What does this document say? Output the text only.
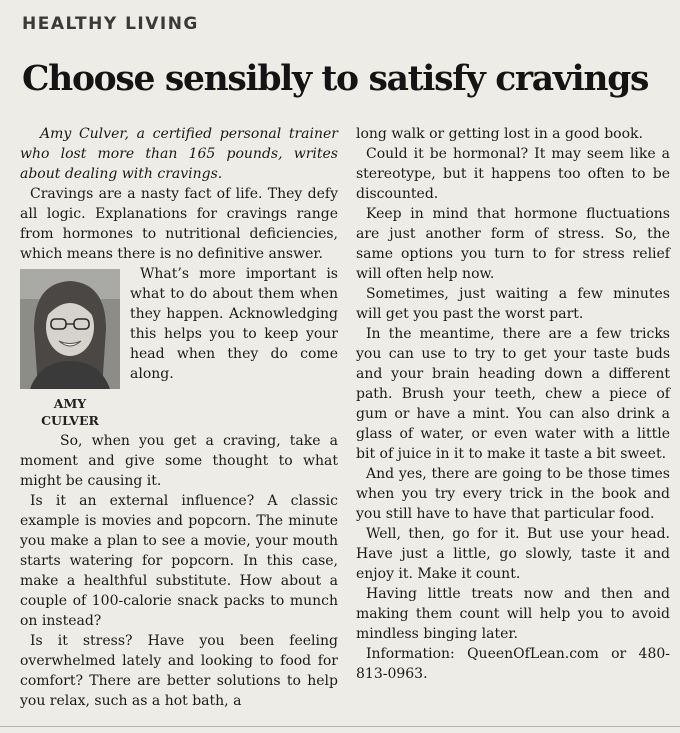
HEALTHY LIVING
Choose sensibly to satisfy cravings

Amy Culver, a certified personal trainer who lost more than 165 pounds, writes about dealing with cravings.

Cravings are a nasty fact of life. They defy all logic. Explanations for cravings range from hormones to nutritional deficiencies, which means there is no definitive answer.

AMY
CULVER

What’s more important is what to do about them when they happen. Acknowledging this helps you to keep your head when they do come along.

So, when you get a craving, take a moment and give some thought to what might be causing it.

Is it an external influence? A classic example is movies and popcorn. The minute you make a plan to see a movie, your mouth starts watering for popcorn. In this case, make a healthful substitute. How about a couple of 100-calorie snack packs to munch on instead?

Is it stress? Have you been feeling overwhelmed lately and looking to food for comfort? There are better solutions to help you relax, such as a hot bath, a

long walk or getting lost in a good book.

Could it be hormonal? It may seem like a stereotype, but it happens too often to be discounted.

Keep in mind that hormone fluctuations are just another form of stress. So, the same options you turn to for stress relief will often help now.

Sometimes, just waiting a few minutes will get you past the worst part.

In the meantime, there are a few tricks you can use to try to get your taste buds and your brain heading down a different path. Brush your teeth, chew a piece of gum or have a mint. You can also drink a glass of water, or even water with a little bit of juice in it to make it taste a bit sweet.

And yes, there are going to be those times when you try every trick in the book and you still have to have that particular food.

Well, then, go for it. But use your head. Have just a little, go slowly, taste it and enjoy it. Make it count.

Having little treats now and then and making them count will help you to avoid mindless binging later.

Information: QueenOfLean.com or 480-813-0963.
